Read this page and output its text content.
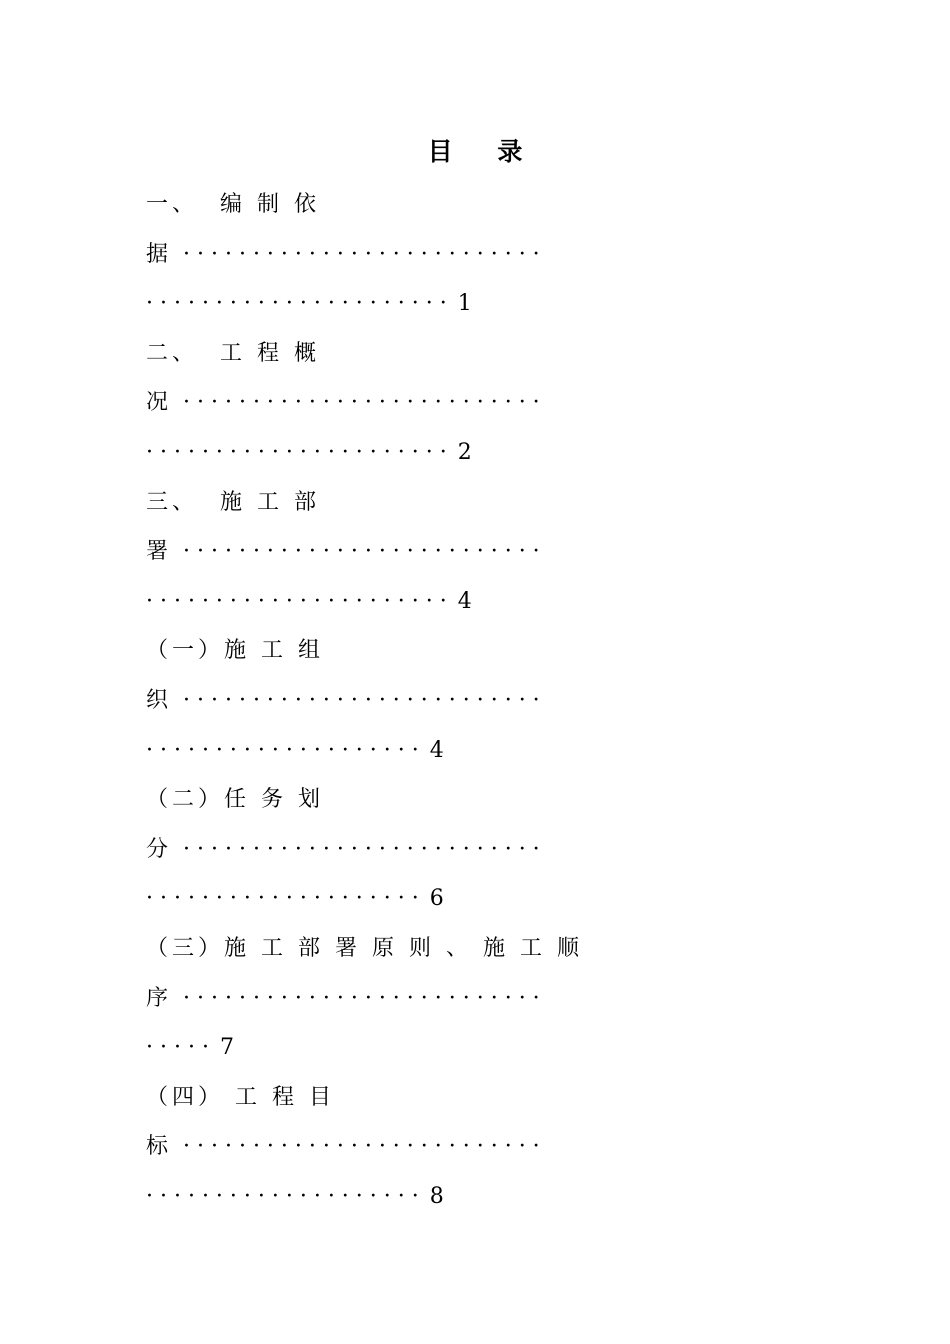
目 录
一、  编 制 依
据 · · · · · · · · · · · · · · · · · · · · · · · · · ·
· · · · · · · · · · · · · · · · · · · · · · 1
二、  工 程 概
况 · · · · · · · · · · · · · · · · · · · · · · · · · ·
· · · · · · · · · · · · · · · · · · · · · · 2
三、  施 工 部
署 · · · · · · · · · · · · · · · · · · · · · · · · · ·
· · · · · · · · · · · · · · · · · · · · · · 4
（一）施 工 组
织 · · · · · · · · · · · · · · · · · · · · · · · · · ·
· · · · · · · · · · · · · · · · · · · · 4
（二）任 务 划
分 · · · · · · · · · · · · · · · · · · · · · · · · · ·
· · · · · · · · · · · · · · · · · · · · 6
（三）施 工 部 署 原 则 、 施 工 顺
序 · · · · · · · · · · · · · · · · · · · · · · · · · ·
· · · · · 7
（四） 工 程 目
标 · · · · · · · · · · · · · · · · · · · · · · · · · ·
· · · · · · · · · · · · · · · · · · · · 8
